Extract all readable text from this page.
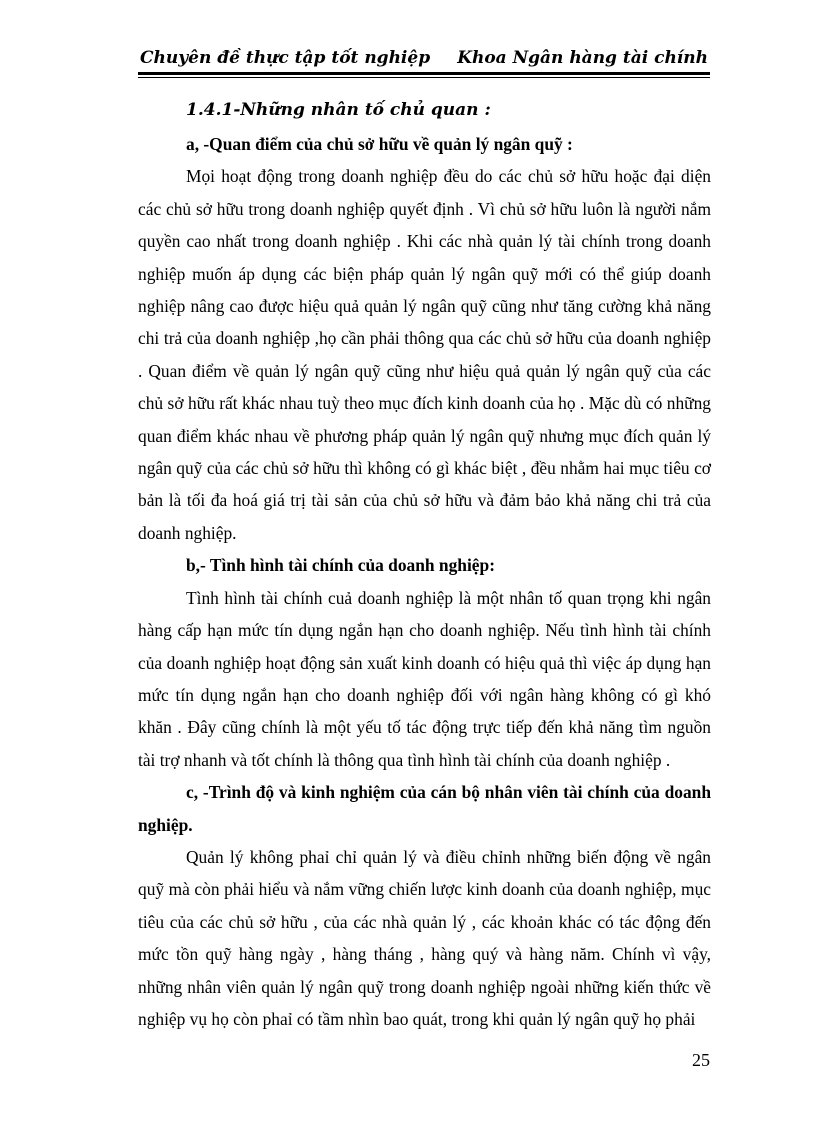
Chuyên đề thực tập tốt nghiệp Khoa Ngân hàng tài chính

1.4.1-Những nhân tố chủ quan :

a, -Quan điểm của chủ sở hữu về quản lý ngân quỹ :

Mọi hoạt động trong doanh nghiệp đều do các chủ sở hữu hoặc đại diện các chủ sở hữu trong doanh nghiệp quyết định . Vì chủ sở hữu luôn là người nắm quyền cao nhất trong doanh nghiệp . Khi các nhà quản lý tài chính trong doanh nghiệp muốn áp dụng các biện pháp quản lý ngân quỹ mới có thể giúp doanh nghiệp nâng cao được hiệu quả quản lý ngân quỹ cũng như tăng cường khả năng chi trả của doanh nghiệp ,họ cần phải thông qua các chủ sở hữu của doanh nghiệp . Quan điểm về quản lý ngân quỹ cũng như hiệu quả quản lý ngân quỹ của các chủ sở hữu rất khác nhau tuỳ theo mục đích kinh doanh của họ . Mặc dù có những quan điểm khác nhau về phương pháp quản lý ngân quỹ nhưng mục đích quản lý ngân quỹ của các chủ sở hữu thì không có gì khác biệt , đều nhằm hai mục tiêu cơ bản là tối đa hoá giá trị tài sản của chủ sở hữu và đảm bảo khả năng chi trả của doanh nghiệp.

b,- Tình hình tài chính của doanh nghiệp:

Tình hình tài chính cuả doanh nghiệp là một nhân tố quan trọng khi ngân hàng cấp hạn mức tín dụng ngắn hạn cho doanh nghiệp. Nếu tình hình tài chính của doanh nghiệp hoạt động sản xuất kinh doanh có hiệu quả thì việc áp dụng hạn mức tín dụng ngắn hạn cho doanh nghiệp đối với ngân hàng không có gì khó khăn . Đây cũng chính là một yếu tố tác động trực tiếp đến khả năng tìm nguồn tài trợ nhanh và tốt chính là thông qua tình hình tài chính của doanh nghiệp .

c, -Trình độ và kinh nghiệm của cán bộ nhân viên tài chính của doanh nghiệp.

Quản lý không phaỉ chỉ quản lý và điều chỉnh những biến động về ngân quỹ mà còn phải hiểu và nắm vững chiến lược kinh doanh của doanh nghiệp, mục tiêu của các chủ sở hữu , của các nhà quản lý , các khoản khác có tác động đến mức tồn quỹ hàng ngày , hàng tháng , hàng quý và hàng năm. Chính vì vậy, những nhân viên quản lý ngân quỹ trong doanh nghiệp ngoài những kiến thức về nghiệp vụ họ còn phaỉ có tầm nhìn bao quát, trong khi quản lý ngân quỹ họ phải

25
